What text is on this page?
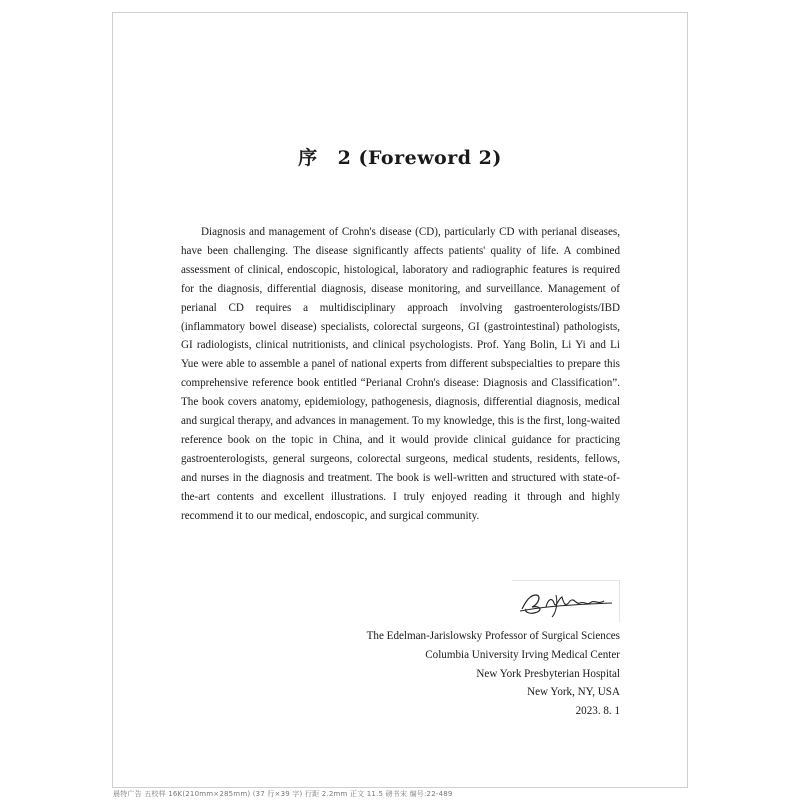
序 2 (Foreword 2)

Diagnosis and management of Crohn's disease (CD), particularly CD with perianal diseases, have been challenging. The disease significantly affects patients' quality of life. A combined assessment of clinical, endoscopic, histological, laboratory and radiographic features is required for the diagnosis, differential diagnosis, disease monitoring, and surveillance. Management of perianal CD requires a multidisciplinary approach involving gastroenterologists/IBD (inflammatory bowel disease) specialists, colorectal surgeons, GI (gastrointestinal) pathologists, GI radiologists, clinical nutritionists, and clinical psychologists. Prof. Yang Bolin, Li Yi and Li Yue were able to assemble a panel of national experts from different subspecialties to prepare this comprehensive reference book entitled “Perianal Crohn's disease: Diagnosis and Classification”. The book covers anatomy, epidemiology, pathogenesis, diagnosis, differential diagnosis, medical and surgical therapy, and advances in management. To my knowledge, this is the first, long-waited reference book on the topic in China, and it would provide clinical guidance for practicing gastroenterologists, general surgeons, colorectal surgeons, medical students, residents, fellows, and nurses in the diagnosis and treatment. The book is well-written and structured with state-of-the-art contents and excellent illustrations. I truly enjoyed reading it through and highly recommend it to our medical, endoscopic, and surgical community.

The Edelman-Jarislowsky Professor of Surgical Sciences
Columbia University Irving Medical Center
New York Presbyterian Hospital
New York, NY, USA
2023. 8. 1
晨特广告 五校样 16K(210mm×285mm) (37 行×39 字) 行距 2.2mm 正文 11.5 磅书宋 编号:22-489
